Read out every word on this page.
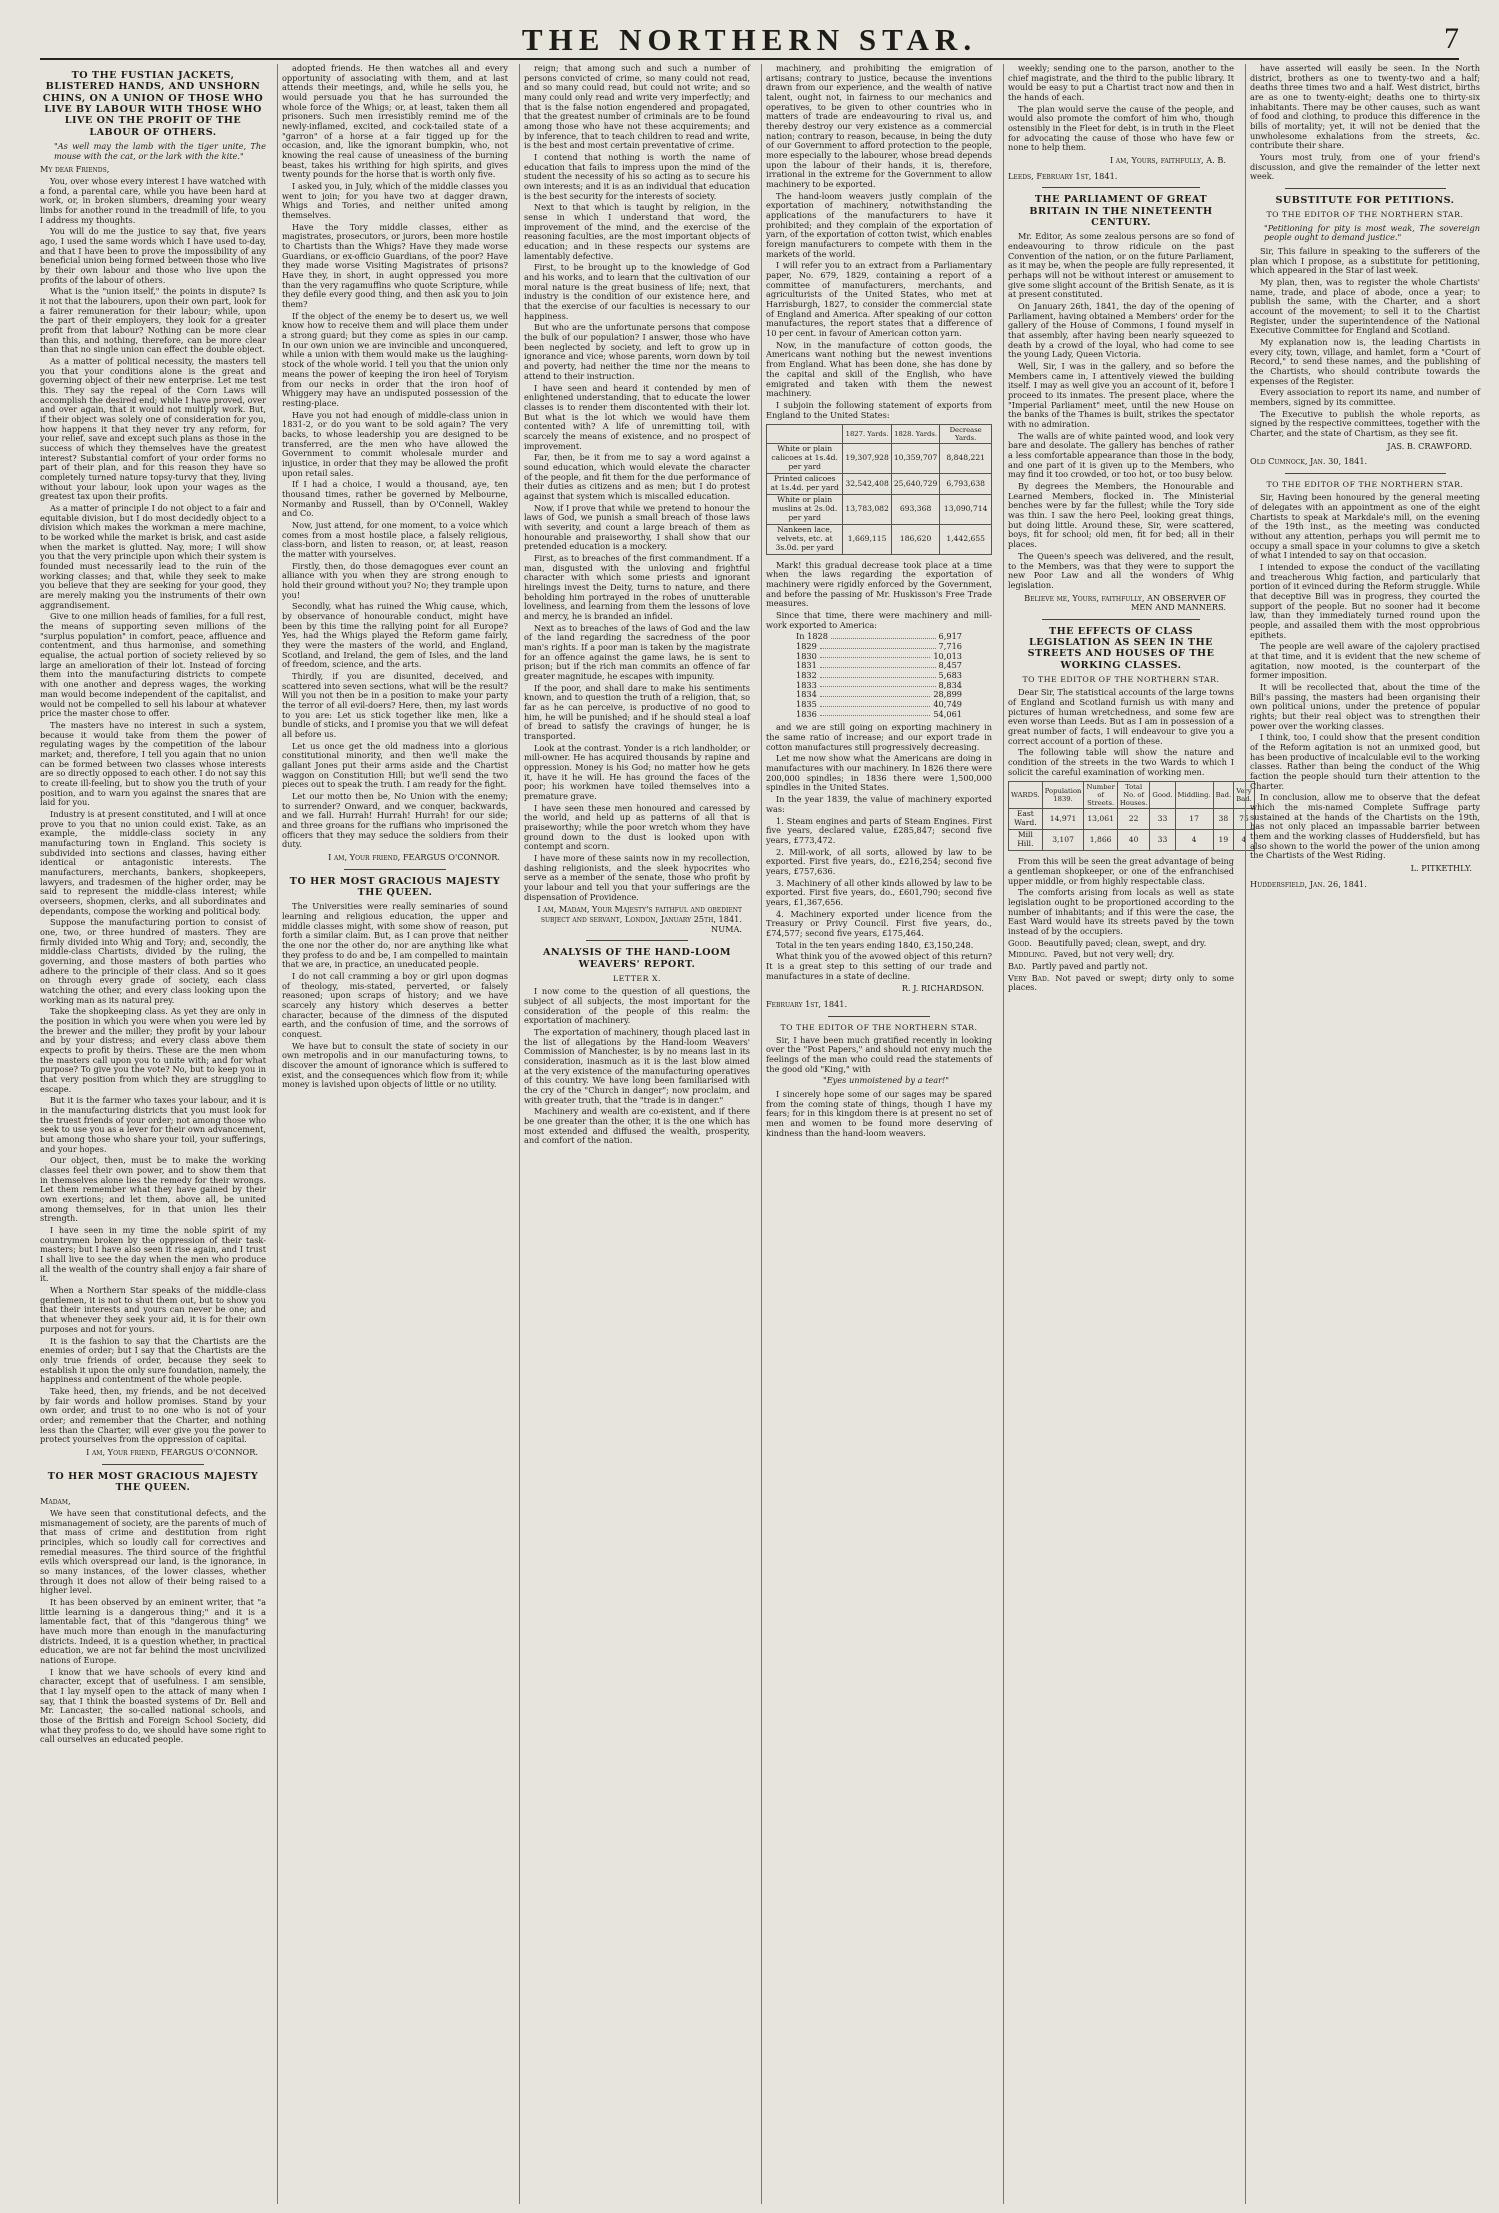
THE NORTHERN STAR.	7
TO THE FUSTIAN JACKETS, BLISTERED HANDS, AND UNSHORN CHINS, ON A UNION OF THOSE WHO LIVE BY LABOUR WITH THOSE WHO LIVE ON THE PROFIT OF THE LABOUR OF OTHERS.
"As well may the lamb with the tiger unite, The mouse with the cat, or the lark with the kite."
My dear Friends,

You, over whose every interest I have watched with a fond, a parental care, while you have been hard at work, or, in broken slumbers, dreaming your weary limbs for another round in the treadmill of life, to you I address my thoughts.

You will do me the justice to say that, five years ago, I used the same words which I have used to-day, and that I have been to prove the impossibility of any beneficial union being formed between those who live by their own labour and those who live upon the profits of the labour of others.

What is the "union itself," the points in dispute? Is it not that the labourers, upon their own part, look for a fairer remuneration for their labour; while, upon the part of their employers, they look for a greater profit from that labour? Nothing can be more clear than this, and nothing, therefore, can be more clear than that no single union can effect the double object.

As a matter of political necessity, the masters tell you that your conditions alone is the great and governing object of their new enterprise. Let me test this. They say the repeal of the Corn Laws will accomplish the desired end; while I have proved, over and over again, that it would not multiply work. But, if their object was solely one of consideration for you, how happens it that they never try any reform, for your relief, save and except such plans as those in the success of which they themselves have the greatest interest? Substantial comfort of your order forms no part of their plan, and for this reason they have so completely turned nature topsy-turvy that they, living without your labour, look upon your wages as the greatest tax upon their profits.

As a matter of principle I do not object to a fair and equitable division, but I do most decidedly object to a division which makes the workman a mere machine, to be worked while the market is brisk, and cast aside when the market is glutted. Nay, more; I will show you that the very principle upon which their system is founded must necessarily lead to the ruin of the working classes; and that, while they seek to make you believe that they are seeking for your good, they are merely making you the instruments of their own aggrandisement.

Give to one million heads of families, for a full rest, the means of supporting seven millions of the "surplus population" in comfort, peace, affluence and contentment, and thus harmonise, and something equalise, the actual portion of society relieved by so large an amelioration of their lot. Instead of forcing them into the manufacturing districts to compete with one another and depress wages, the working man would become independent of the capitalist, and would not be compelled to sell his labour at whatever price the master chose to offer.

The masters have no interest in such a system, because it would take from them the power of regulating wages by the competition of the labour market; and, therefore, I tell you again that no union can be formed between two classes whose interests are so directly opposed to each other. I do not say this to create ill-feeling, but to show you the truth of your position, and to warn you against the snares that are laid for you.

Industry is at present constituted, and I will at once prove to you that no union could exist. Take, as an example, the middle-class society in any manufacturing town in England. This society is subdivided into sections and classes, having either identical or antagonistic interests. The manufacturers, merchants, bankers, shopkeepers, lawyers, and tradesmen of the higher order, may be said to represent the middle-class interest; while overseers, shopmen, clerks, and all subordinates and dependants, compose the working and political body.

Suppose the manufacturing portion to consist of one, two, or three hundred of masters. They are firmly divided into Whig and Tory; and, secondly, the middle-class Chartists, divided by the ruling, the governing, and those masters of both parties who adhere to the principle of their class. And so it goes on through every grade of society, each class watching the other, and every class looking upon the working man as its natural prey.

Take the shopkeeping class. As yet they are only in the position in which you were when you were led by the brewer and the miller; they profit by your labour and by your distress; and every class above them expects to profit by theirs. These are the men whom the masters call upon you to unite with; and for what purpose? To give you the vote? No, but to keep you in that very position from which they are struggling to escape.

But it is the farmer who taxes your labour, and it is in the manufacturing districts that you must look for the truest friends of your order; not among those who seek to use you as a lever for their own advancement, but among those who share your toil, your sufferings, and your hopes.

Our object, then, must be to make the working classes feel their own power, and to show them that in themselves alone lies the remedy for their wrongs. Let them remember what they have gained by their own exertions; and let them, above all, be united among themselves, for in that union lies their strength.

I have seen in my time the noble spirit of my countrymen broken by the oppression of their task-masters; but I have also seen it rise again, and I trust I shall live to see the day when the men who produce all the wealth of the country shall enjoy a fair share of it.

When a Northern Star speaks of the middle-class gentlemen, it is not to shut them out, but to show you that their interests and yours can never be one; and that whenever they seek your aid, it is for their own purposes and not for yours.

It is the fashion to say that the Chartists are the enemies of order; but I say that the Chartists are the only true friends of order, because they seek to establish it upon the only sure foundation, namely, the happiness and contentment of the whole people.

Take heed, then, my friends, and be not deceived by fair words and hollow promises. Stand by your own order, and trust to no one who is not of your order; and remember that the Charter, and nothing less than the Charter, will ever give you the power to protect yourselves from the oppression of capital.

I am, Your friend, FEARGUS O'CONNOR.
TO HER MOST GRACIOUS MAJESTY THE QUEEN.
Madam,

We have seen that constitutional defects, and the mismanagement of society, are the parents of much of that mass of crime and destitution from right principles, which so loudly call for correctives and remedial measures. The third source of the frightful evils which overspread our land, is the ignorance, in so many instances, of the lower classes, whether through it does not allow of their being raised to a higher level.

It has been observed by an eminent writer, that "a little learning is a dangerous thing;" and it is a lamentable fact, that of this "dangerous thing" we have much more than enough in the manufacturing districts. Indeed, it is a question whether, in practical education, we are not far behind the most uncivilized nations of Europe.

I know that we have schools of every kind and character, except that of usefulness. I am sensible, that I lay myself open to the attack of many when I say, that I think the boasted systems of Dr. Bell and Mr. Lancaster, the so-called national schools, and those of the British and Foreign School Society, did what they profess to do, we should have some right to call ourselves an educated people.

adopted friends. He then watches all and every opportunity of associating with them, and at last attends their meetings, and, while he sells you, he would persuade you that he has surrounded the whole force of the Whigs; or, at least, taken them all prisoners. Such men irresistibly remind me of the newly-inflamed, excited, and cock-tailed state of a "garron" of a horse at a fair tigged up for the occasion, and, like the ignorant bumpkin, who, not knowing the real cause of uneasiness of the burning beast, takes his writhing for high spirits, and gives twenty pounds for the horse that is worth only five.

I asked you, in July, which of the middle classes you went to join; for you have two at dagger drawn, Whigs and Tories, and neither united among themselves.

Have the Tory middle classes, either as magistrates, prosecutors, or jurors, been more hostile to Chartists than the Whigs? Have they made worse Guardians, or ex-officio Guardians, of the poor? Have they made worse Visiting Magistrates of prisons? Have they, in short, in aught oppressed you more than the very ragamuffins who quote Scripture, while they defile every good thing, and then ask you to join them?

If the object of the enemy be to desert us, we well know how to receive them and will place them under a strong guard; but they come as spies in our camp. In our own union we are invincible and unconquered, while a union with them would make us the laughing-stock of the whole world. I tell you that the union only means the power of keeping the iron heel of Toryism from our necks in order that the iron hoof of Whiggery may have an undisputed possession of the resting-place.

Have you not had enough of middle-class union in 1831-2, or do you want to be sold again? The very backs, to whose leadership you are designed to be transferred, are the men who have allowed the Government to commit wholesale murder and injustice, in order that they may be allowed the profit upon retail sales.

If I had a choice, I would a thousand, aye, ten thousand times, rather be governed by Melbourne, Normanby and Russell, than by O'Connell, Wakley and Co.

Now, just attend, for one moment, to a voice which comes from a most hostile place, a falsely religious, class-born, and listen to reason, or, at least, reason the matter with yourselves.

Firstly, then, do those demagogues ever count an alliance with you when they are strong enough to hold their ground without you? No; they trample upon you!

Secondly, what has ruined the Whig cause, which, by observance of honourable conduct, might have been by this time the rallying point for all Europe? Yes, had the Whigs played the Reform game fairly, they were the masters of the world, and England, Scotland, and Ireland, the gem of Isles, and the land of freedom, science, and the arts.

Thirdly, if you are disunited, deceived, and scattered into seven sections, what will be the result? Will you not then be in a position to make your party the terror of all evil-doers? Here, then, my last words to you are: Let us stick together like men, like a bundle of sticks, and I promise you that we will defeat all before us.

Let us once get the old madness into a glorious constitutional minority, and then we'll make the gallant Jones put their arms aside and the Chartist waggon on Constitution Hill; but we'll send the two pieces out to speak the truth. I am ready for the fight.

Let our motto then be, No Union with the enemy; to surrender? Onward, and we conquer, backwards, and we fall. Hurrah! Hurrah! Hurrah! for our side; and three groans for the ruffians who imprisoned the officers that they may seduce the soldiers from their duty.

I am, Your friend, FEARGUS O'CONNOR.
TO HER MOST GRACIOUS MAJESTY THE QUEEN.

The Universities were really seminaries of sound learning and religious education, the upper and middle classes might, with some show of reason, put forth a similar claim. But, as I can prove that neither the one nor the other do, nor are anything like what they profess to do and be, I am compelled to maintain that we are, in practice, an uneducated people.

I do not call cramming a boy or girl upon dogmas of theology, mis-stated, perverted, or falsely reasoned; upon scraps of history; and we have scarcely any history which deserves a better character, because of the dimness of the disputed earth, and the confusion of time, and the sorrows of conquest.

We have but to consult the state of society in our own metropolis and in our manufacturing towns, to discover the amount of ignorance which is suffered to exist, and the consequences which flow from it; while money is lavished upon objects of little or no utility.

reign; that among such and such a number of persons convicted of crime, so many could not read, and so many could read, but could not write; and so many could only read and write very imperfectly; and that is the false notion engendered and propagated, that the greatest number of criminals are to be found among those who have not these acquirements; and by inference, that to teach children to read and write, is the best and most certain preventative of crime.

I contend that nothing is worth the name of education that fails to impress upon the mind of the student the necessity of his so acting as to secure his own interests; and it is as an individual that education is the best security for the interests of society.

Next to that which is taught by religion, in the sense in which I understand that word, the improvement of the mind, and the exercise of the reasoning faculties, are the most important objects of education; and in these respects our systems are lamentably defective.

First, to be brought up to the knowledge of God and his works, and to learn that the cultivation of our moral nature is the great business of life; next, that industry is the condition of our existence here, and that the exercise of our faculties is necessary to our happiness.

But who are the unfortunate persons that compose the bulk of our population? I answer, those who have been neglected by society, and left to grow up in ignorance and vice; whose parents, worn down by toil and poverty, had neither the time nor the means to attend to their instruction.

I have seen and heard it contended by men of enlightened understanding, that to educate the lower classes is to render them discontented with their lot. But what is the lot which we would have them contented with? A life of unremitting toil, with scarcely the means of existence, and no prospect of improvement.

Far, then, be it from me to say a word against a sound education, which would elevate the character of the people, and fit them for the due performance of their duties as citizens and as men; but I do protest against that system which is miscalled education.

Now, if I prove that while we pretend to honour the laws of God, we punish a small breach of those laws with severity, and count a large breach of them as honourable and praiseworthy, I shall show that our pretended education is a mockery.

First, as to breaches of the first commandment. If a man, disgusted with the unloving and frightful character with which some priests and ignorant hirelings invest the Deity, turns to nature, and there beholding him portrayed in the robes of unutterable loveliness, and learning from them the lessons of love and mercy, he is branded an infidel.

Next as to breaches of the laws of God and the law of the land regarding the sacredness of the poor man's rights. If a poor man is taken by the magistrate for an offence against the game laws, he is sent to prison; but if the rich man commits an offence of far greater magnitude, he escapes with impunity.

If the poor, and shall dare to make his sentiments known, and to question the truth of a religion, that, so far as he can perceive, is productive of no good to him, he will be punished; and if he should steal a loaf of bread to satisfy the cravings of hunger, he is transported.

Look at the contrast. Yonder is a rich landholder, or mill-owner. He has acquired thousands by rapine and oppression. Money is his God; no matter how he gets it, have it he will. He has ground the faces of the poor; his workmen have toiled themselves into a premature grave.

I have seen these men honoured and caressed by the world, and held up as patterns of all that is praiseworthy; while the poor wretch whom they have ground down to the dust is looked upon with contempt and scorn.

I have more of these saints now in my recollection, dashing religionists, and the sleek hypocrites who serve as a member of the senate, those who profit by your labour and tell you that your sufferings are the dispensation of Providence.

I am, Madam, Your Majesty's faithful and obedient subject and servant, London, January 25th, 1841. NUMA.
ANALYSIS OF THE HAND-LOOM WEAVERS' REPORT.
LETTER X.

I now come to the question of all questions, the subject of all subjects, the most important for the consideration of the people of this realm: the exportation of machinery.

The exportation of machinery, though placed last in the list of allegations by the Hand-loom Weavers' Commission of Manchester, is by no means last in its consideration, inasmuch as it is the last blow aimed at the very existence of the manufacturing operatives of this country. We have long been familiarised with the cry of the "Church in danger"; now proclaim, and with greater truth, that the "trade is in danger."

Machinery and wealth are co-existent, and if there be one greater than the other, it is the one which has most extended and diffused the wealth, prosperity, and comfort of the nation.

machinery, and prohibiting the emigration of artisans; contrary to justice, because the inventions drawn from our experience, and the wealth of native talent, ought not, in fairness to our mechanics and operatives, to be given to other countries who in matters of trade are endeavouring to rival us, and thereby destroy our very existence as a commercial nation; contrary to reason, because, in being the duty of our Government to afford protection to the people, more especially to the labourer, whose bread depends upon the labour of their hands, it is, therefore, irrational in the extreme for the Government to allow machinery to be exported.

The hand-loom weavers justly complain of the exportation of machinery, notwithstanding the applications of the manufacturers to have it prohibited; and they complain of the exportation of yarn, of the exportation of cotton twist, which enables foreign manufacturers to compete with them in the markets of the world.

I will refer you to an extract from a Parliamentary paper, No. 679, 1829, containing a report of a committee of manufacturers, merchants, and agriculturists of the United States, who met at Harrisburgh, 1827, to consider the commercial state of England and America. After speaking of our cotton manufactures, the report states that a difference of 10 per cent. in favour of American cotton yarn.

Now, in the manufacture of cotton goods, the Americans want nothing but the newest inventions from England. What has been done, she has done by the capital and skill of the English, who have emigrated and taken with them the newest machinery.

I subjoin the following statement of exports from England to the United States:

	1827. Yards.	1828. Yards.	Decrease Yards.
White or plain calicoes at 1s.4d. per yard	19,307,928	10,359,707	8,848,221
Printed calicoes at 1s.4d. per yard	32,542,408	25,640,729	6,793,638
White or plain muslins at 2s.0d. per yard	13,783,082	693,368	13,090,714
Nankeen lace, velvets, etc. at 3s.0d. per yard	1,669,115	186,620	1,442,655

Mark! this gradual decrease took place at a time when the laws regarding the exportation of machinery were rigidly enforced by the Government, and before the passing of Mr. Huskisson's Free Trade measures.

Since that time, there were machinery and mill-work exported to America:

In 1828	6,917
1829	7,716
1830	10,013
1831	8,457
1832	5,683
1833	8,834
1834	28,899
1835	40,749
1836	54,061

and we are still going on exporting machinery in the same ratio of increase; and our export trade in cotton manufactures still progressively decreasing.

Let me now show what the Americans are doing in manufactures with our machinery. In 1826 there were 200,000 spindles; in 1836 there were 1,500,000 spindles in the United States.

In the year 1839, the value of machinery exported was:

1. Steam engines and parts of Steam Engines. First five years, declared value, £285,847; second five years, £773,472.

2. Mill-work, of all sorts, allowed by law to be exported. First five years, do., £216,254; second five years, £757,636.

3. Machinery of all other kinds allowed by law to be exported. First five years, do., £601,790; second five years, £1,367,656.

4. Machinery exported under licence from the Treasury or Privy Council. First five years, do., £74,577; second five years, £175,464.

Total in the ten years ending 1840, £3,150,248.

What think you of the avowed object of this return? It is a great step to this setting of our trade and manufactures in a state of decline.

R. J. RICHARDSON.
February 1st, 1841.
TO THE EDITOR OF THE NORTHERN STAR.

Sir, I have been much gratified recently in looking over the "Post Papers," and should not envy much the feelings of the man who could read the statements of the good old "King," with

"Eyes unmoistened by a tear!"

I sincerely hope some of our sages may be spared from the coming state of things, though I have my fears; for in this kingdom there is at present no set of men and women to be found more deserving of kindness than the hand-loom weavers.

weekly; sending one to the parson, another to the chief magistrate, and the third to the public library. It would be easy to put a Chartist tract now and then in the hands of each.

The plan would serve the cause of the people, and would also promote the comfort of him who, though ostensibly in the Fleet for debt, is in truth in the Fleet for advocating the cause of those who have few or none to help them.

I am, Yours, faithfully, A. B.
Leeds, February 1st, 1841.
THE PARLIAMENT OF GREAT BRITAIN IN THE NINETEENTH CENTURY.

Mr. Editor, As some zealous persons are so fond of endeavouring to throw ridicule on the past Convention of the nation, or on the future Parliament, as it may be, when the people are fully represented, it perhaps will not be without interest or amusement to give some slight account of the British Senate, as it is at present constituted.

On January 26th, 1841, the day of the opening of Parliament, having obtained a Members' order for the gallery of the House of Commons, I found myself in that assembly, after having been nearly squeezed to death by a crowd of the loyal, who had come to see the young Lady, Queen Victoria.

Well, Sir, I was in the gallery, and so before the Members came in, I attentively viewed the building itself. I may as well give you an account of it, before I proceed to its inmates. The present place, where the "Imperial Parliament" meet, until the new House on the banks of the Thames is built, strikes the spectator with no admiration.

The walls are of white painted wood, and look very bare and desolate. The gallery has benches of rather a less comfortable appearance than those in the body, and one part of it is given up to the Members, who may find it too crowded, or too hot, or too busy below.

By degrees the Members, the Honourable and Learned Members, flocked in. The Ministerial benches were by far the fullest; while the Tory side was thin. I saw the hero Peel, looking great things, but doing little. Around these, Sir, were scattered, boys, fit for school; old men, fit for bed; all in their places.

The Queen's speech was delivered, and the result, to the Members, was that they were to support the new Poor Law and all the wonders of Whig legislation.

Believe me, Yours, faithfully, AN OBSERVER OF MEN AND MANNERS.
THE EFFECTS OF CLASS LEGISLATION AS SEEN IN THE STREETS AND HOUSES OF THE WORKING CLASSES.
TO THE EDITOR OF THE NORTHERN STAR.

Dear Sir, The statistical accounts of the large towns of England and Scotland furnish us with many and pictures of human wretchedness, and some few are even worse than Leeds. But as I am in possession of a great number of facts, I will endeavour to give you a correct account of a portion of these.

The following table will show the nature and condition of the streets in the two Wards to which I solicit the careful examination of working men.

WARDS.	Population 1839.	Number of Streets.	Total No. of Houses.	Good.	Middling.	Bad.	Very Bad.
East Ward.	14,971	13,061	22	33	17	38	75
Mill Hill.	3,107	1,866	40	33	4	19	4

From this will be seen the great advantage of being a gentleman shopkeeper, or one of the enfranchised upper middle, or from highly respectable class.

The comforts arising from locals as well as state legislation ought to be proportioned according to the number of inhabitants; and if this were the case, the East Ward would have its streets paved by the town instead of by the occupiers.

Good. Beautifully paved; clean, swept, and dry.

Middling. Paved, but not very well; dry.

Bad. Partly paved and partly not.

Very Bad. Not paved or swept; dirty only to some places.

have asserted will easily be seen. In the North district, brothers as one to twenty-two and a half; deaths three times two and a half. West district, births are as one to twenty-eight; deaths one to thirty-six inhabitants. There may be other causes, such as want of food and clothing, to produce this difference in the bills of mortality; yet, it will not be denied that the unwholesome exhalations from the streets, &c. contribute their share.

Yours most truly, from one of your friend's discussion, and give the remainder of the letter next week.

SUBSTITUTE FOR PETITIONS.
TO THE EDITOR OF THE NORTHERN STAR.
"Petitioning for pity is most weak, The sovereign people ought to demand justice."

Sir, This failure in speaking to the sufferers of the plan which I propose, as a substitute for petitioning, which appeared in the Star of last week.

My plan, then, was to register the whole Chartists' name, trade, and place of abode, once a year; to publish the same, with the Charter, and a short account of the movement; to sell it to the Chartist Register, under the superintendence of the National Executive Committee for England and Scotland.

My explanation now is, the leading Chartists in every city, town, village, and hamlet, form a "Court of Record," to send these names, and the publishing of the Chartists, who should contribute towards the expenses of the Register.

Every association to report its name, and number of members, signed by its committee.

The Executive to publish the whole reports, as signed by the respective committees, together with the Charter, and the state of Chartism, as they see fit.

JAS. B. CRAWFORD.
Old Cumnock, Jan. 30, 1841.
TO THE EDITOR OF THE NORTHERN STAR.

Sir, Having been honoured by the general meeting of delegates with an appointment as one of the eight Chartists to speak at Markdale's mill, on the evening of the 19th inst., as the meeting was conducted without any attention, perhaps you will permit me to occupy a small space in your columns to give a sketch of what I intended to say on that occasion.

I intended to expose the conduct of the vacillating and treacherous Whig faction, and particularly that portion of it evinced during the Reform struggle. While that deceptive Bill was in progress, they courted the support of the people. But no sooner had it become law, than they immediately turned round upon the people, and assailed them with the most opprobrious epithets.

The people are well aware of the cajolery practised at that time, and it is evident that the new scheme of agitation, now mooted, is the counterpart of the former imposition.

It will be recollected that, about the time of the Bill's passing, the masters had been organising their own political unions, under the pretence of popular rights; but their real object was to strengthen their power over the working classes.

I think, too, I could show that the present condition of the Reform agitation is not an unmixed good, but has been productive of incalculable evil to the working classes. Rather than being the conduct of the Whig faction the people should turn their attention to the Charter.

In conclusion, allow me to observe that the defeat which the mis-named Complete Suffrage party sustained at the hands of the Chartists on the 19th, has not only placed an impassable barrier between them and the working classes of Huddersfield, but has also shown to the world the power of the union among the Chartists of the West Riding.

L. PITKETHLY.
Huddersfield, Jan. 26, 1841.
